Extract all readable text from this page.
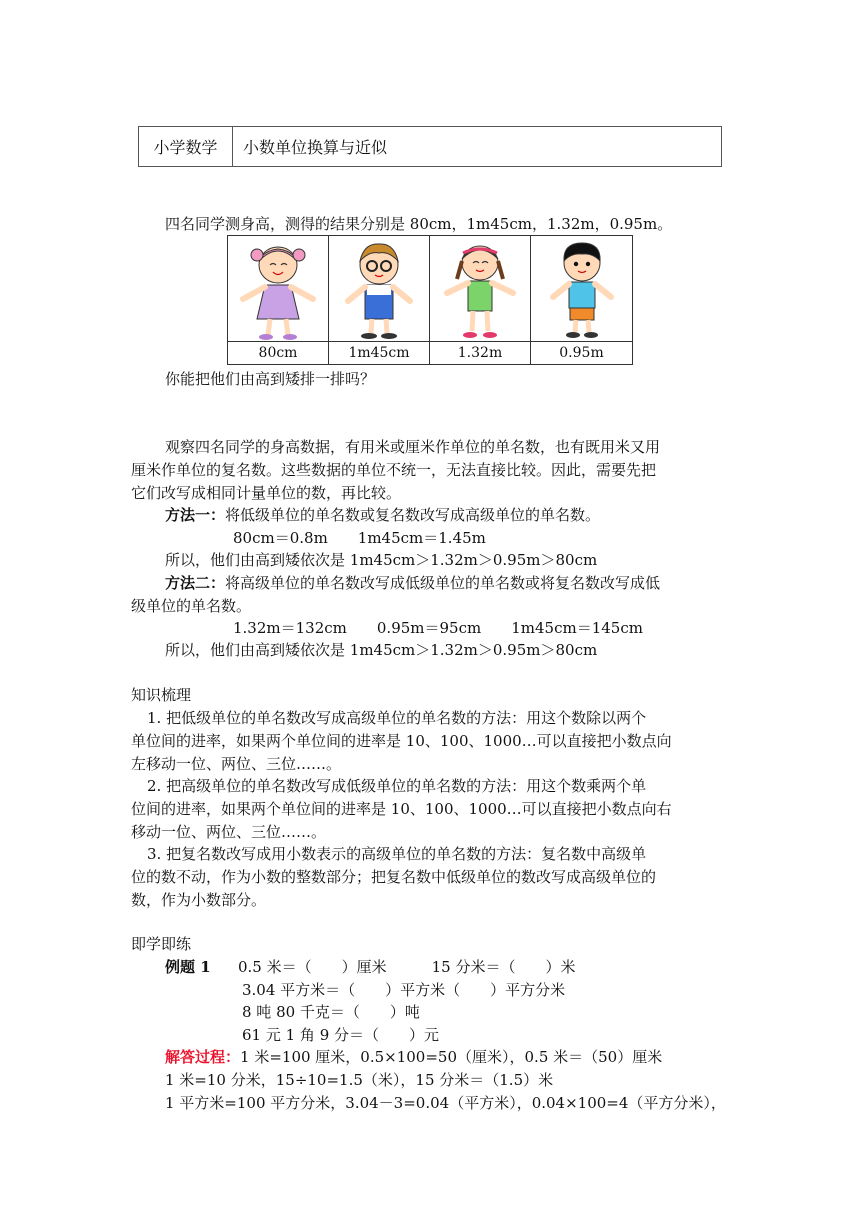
小学数学	小数单位换算与近似
四名同学测身高，测得的结果分别是 80cm，1m45cm，1.32m，0.95m。
80cm	1m45cm	1.32m	0.95m
你能把他们由高到矮排一排吗？
观察四名同学的身高数据，有用米或厘米作单位的单名数，也有既用米又用
厘米作单位的复名数。这些数据的单位不统一，无法直接比较。因此，需要先把
它们改写成相同计量单位的数，再比较。
方法一：将低级单位的单名数或复名数改写成高级单位的单名数。
80cm＝0.8m　　1m45cm＝1.45m
所以，他们由高到矮依次是 1m45cm＞1.32m＞0.95m＞80cm
方法二：将高级单位的单名数改写成低级单位的单名数或将复名数改写成低
级单位的单名数。
1.32m＝132cm　　0.95m＝95cm　　1m45cm＝145cm
所以，他们由高到矮依次是 1m45cm＞1.32m＞0.95m＞80cm
知识梳理
1. 把低级单位的单名数改写成高级单位的单名数的方法：用这个数除以两个
单位间的进率，如果两个单位间的进率是 10、100、1000…可以直接把小数点向
左移动一位、两位、三位……。
2. 把高级单位的单名数改写成低级单位的单名数的方法：用这个数乘两个单
位间的进率，如果两个单位间的进率是 10、100、1000…可以直接把小数点向右
移动一位、两位、三位……。
3. 把复名数改写成用小数表示的高级单位的单名数的方法：复名数中高级单
位的数不动，作为小数的整数部分；把复名数中低级单位的数改写成高级单位的
数，作为小数部分。
即学即练
例题 1 0.5 米＝（　　）厘米　　　15 分米＝（　　）米
3.04 平方米＝（　　）平方米（　　）平方分米
8 吨 80 千克＝（　　）吨
61 元 1 角 9 分＝（　　）元
解答过程：1 米=100 厘米，0.5×100=50（厘米），0.5 米＝（50）厘米
1 米=10 分米，15÷10=1.5（米），15 分米＝（1.5）米
1 平方米=100 平方分米，3.04－3=0.04（平方米），0.04×100=4（平方分米），
